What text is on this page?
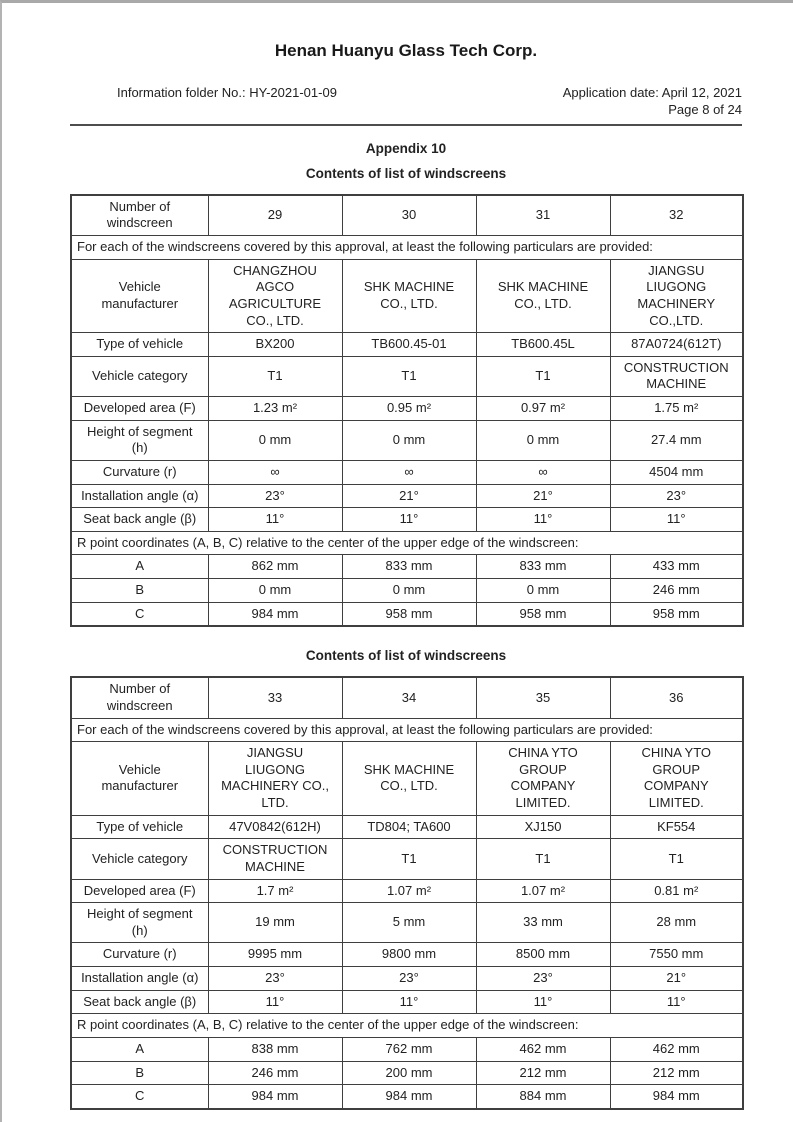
Henan Huanyu Glass Tech Corp.
Information folder No.: HY-2021-01-09	Application date: April 12, 2021
Page 8 of 24
Appendix 10
Contents of list of windscreens
Number of windscreen	29	30	31	32
For each of the windscreens covered by this approval, at least the following particulars are provided:				
Vehicle manufacturer	CHANGZHOU AGCO AGRICULTURE CO., LTD.	SHK MACHINE CO., LTD.	SHK MACHINE CO., LTD.	JIANGSU LIUGONG MACHINERY CO.,LTD.
Type of vehicle	BX200	TB600.45-01	TB600.45L	87A0724(612T)
Vehicle category	T1	T1	T1	CONSTRUCTION MACHINE
Developed area (F)	1.23 m²	0.95 m²	0.97 m²	1.75 m²
Height of segment (h)	0 mm	0 mm	0 mm	27.4 mm
Curvature (r)	∞	∞	∞	4504 mm
Installation angle (α)	23°	21°	21°	23°
Seat back angle (β)	11°	11°	11°	11°
R point coordinates (A, B, C) relative to the center of the upper edge of the windscreen:				
A	862 mm	833 mm	833 mm	433 mm
B	0 mm	0 mm	0 mm	246 mm
C	984 mm	958 mm	958 mm	958 mm
Contents of list of windscreens
Number of windscreen	33	34	35	36
For each of the windscreens covered by this approval, at least the following particulars are provided:				
Vehicle manufacturer	JIANGSU LIUGONG MACHINERY CO., LTD.	SHK MACHINE CO., LTD.	CHINA YTO GROUP COMPANY LIMITED.	CHINA YTO GROUP COMPANY LIMITED.
Type of vehicle	47V0842(612H)	TD804; TA600	XJ150	KF554
Vehicle category	CONSTRUCTION MACHINE	T1	T1	T1
Developed area (F)	1.7 m²	1.07 m²	1.07 m²	0.81 m²
Height of segment (h)	19 mm	5 mm	33 mm	28 mm
Curvature (r)	9995 mm	9800 mm	8500 mm	7550 mm
Installation angle (α)	23°	23°	23°	21°
Seat back angle (β)	11°	11°	11°	11°
R point coordinates (A, B, C) relative to the center of the upper edge of the windscreen:				
A	838 mm	762 mm	462 mm	462 mm
B	246 mm	200 mm	212 mm	212 mm
C	984 mm	984 mm	884 mm	984 mm
